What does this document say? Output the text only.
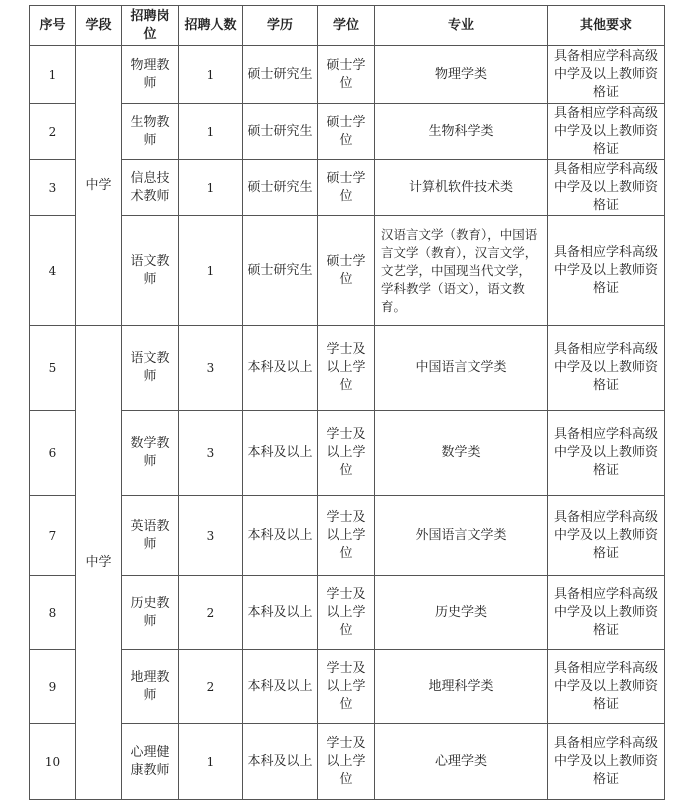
序号	学段	招聘岗位	招聘人数	学历	学位	专业	其他要求
1	中学	物理教师	1	硕士研究生	硕士学位	物理学类	具备相应学科高级中学及以上教师资格证
2		生物教师	1	硕士研究生	硕士学位	生物科学类	具备相应学科高级中学及以上教师资格证
3		信息技术教师	1	硕士研究生	硕士学位	计算机软件技术类	具备相应学科高级中学及以上教师资格证
4		语文教师	1	硕士研究生	硕士学位	汉语言文学（教育），中国语言文学（教育），汉言文学，文艺学，中国现当代文学，学科教学（语文），语文教育。	具备相应学科高级中学及以上教师资格证
5	中学	语文教师	3	本科及以上	学士及以上学位	中国语言文学类	具备相应学科高级中学及以上教师资格证
6		数学教师	3	本科及以上	学士及以上学位	数学类	具备相应学科高级中学及以上教师资格证
7		英语教师	3	本科及以上	学士及以上学位	外国语言文学类	具备相应学科高级中学及以上教师资格证
8		历史教师	2	本科及以上	学士及以上学位	历史学类	具备相应学科高级中学及以上教师资格证
9		地理教师	2	本科及以上	学士及以上学位	地理科学类	具备相应学科高级中学及以上教师资格证
10		心理健康教师	1	本科及以上	学士及以上学位	心理学类	具备相应学科高级中学及以上教师资格证
